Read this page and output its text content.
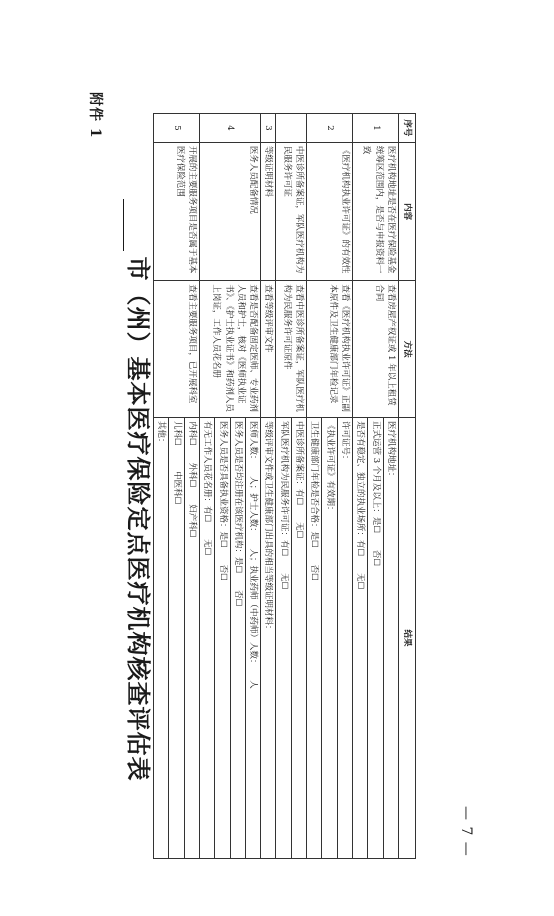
附件 1
市（州）基本医疗保险定点医疗机构核查评估表
序号	内容	方法	结果
1	医疗机构地址是否在医疗保险基金统筹区范围内，是否与申报资料一致	查看房屋产权证或 1 年以上租赁合同	医疗机构地址：
			正式运营 3 个月及以上：是☐　　否☐
			是否有稳定、独立的执业场所：有☐　　无☐
2	《医疗机构执业许可证》的有效性	查看《医疗机构执业许可证》正副本原件及卫生健康部门年检记录	许可证号：
			《执业许可证》有效期：
			卫生健康部门年检是否合格：是☐　　否☐
	中医诊所备案证，军队医疗机构为民服务许可证	查看中医诊所备案证，军队医疗机构为民服务许可证原件	中医诊所备案证：有☐　　无☐
			军队医疗机构为民服务许可证：有☐　　无☐
3	等级证明材料	查看等级评审文件	等级评审文件或卫生健康部门出具的相当等级证明材料：
4	医务人员配备情况	查看是否配备固定医师、专业药剂人员和护士，核对《医师执业证书》、《护士执业证书》和药剂人员上岗证，工作人员花名册	医师人数：　　人；护士人数：　　人；执业药师（中药师）人数：　　人
			医务人员是否均注册在该医疗机构：是☐　　否☐
			医务人员是否具备执业资格：是☐　　否☐
			有无工作人员花名册：有☐　　无☐
5	开展的主要服务项目是否属于基本医疗保险范围	查看主要服务项目，已开展科室	内科☐　　外科☐　　妇产科☐
			儿科☐　　　中医科☐
			其他：
— 7 —
